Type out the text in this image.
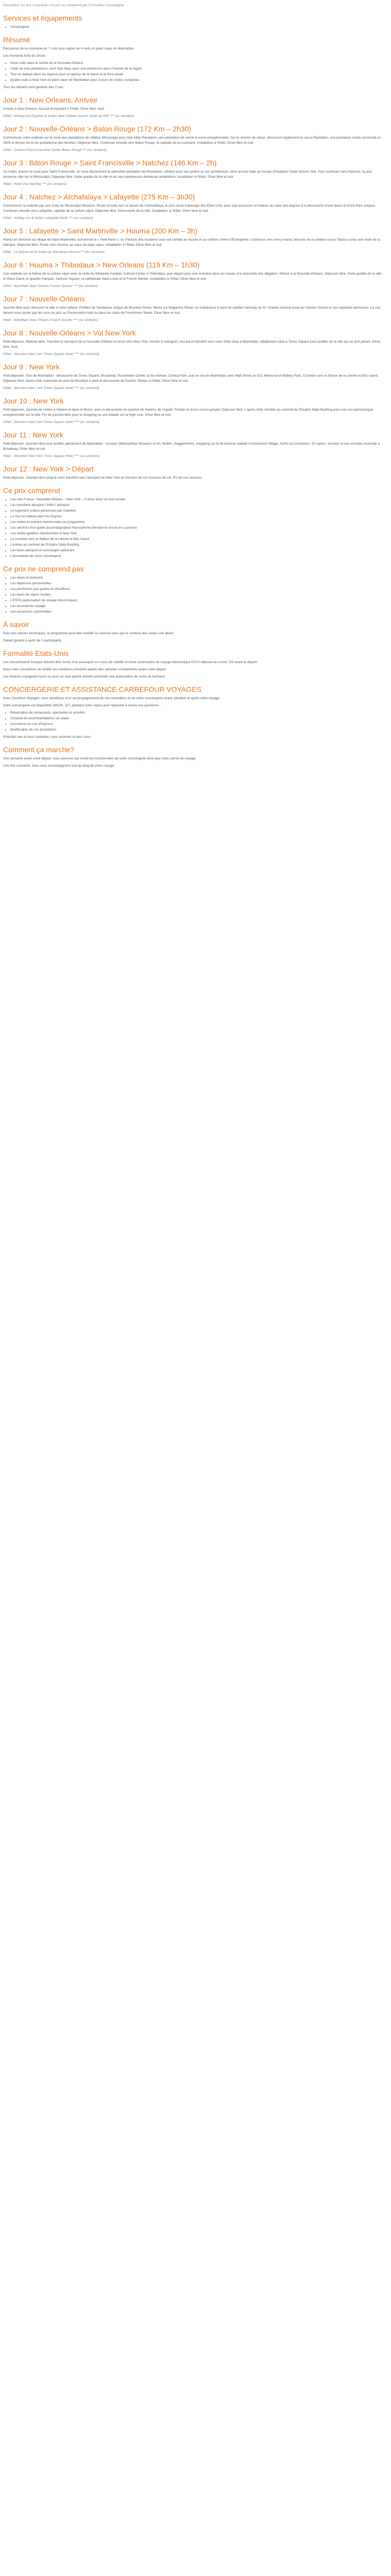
Description Ce prix comprend / Ce prix ne comprend pas Formalités Conciergerie
Services et équipements
• Conciergerie
Résumé

Découvrez de la Louisiane en 7 nuits puis séjour de 4 nuits en plein cœur de Manhattan.

Les moments forts du circuit :

• Deux nuits dans le centre de la Nouvelle-Orléans
• Visite de trois plantations, dont Oak Alley, pour une immersion dans l'histoire de la région
• Tour en bateau dans les bayous pour un aperçu de la faune et la flore locale
• Quatre nuits à New York en plein cœur de Manhattan avec 3 jours de visites complètes

Tous les départs sont garantis dès 2 pax.

Jour 1 : New Orleans, Arrivée

Arrivée à New Orleans. Accueil et transfert à l'hôtel. Dîner libre. Nuit.

Hôtel : Holiday Inn Express & Suites New Orleans Airport South by IHG *** (ou similaire)

Jour 2 : Nouvelle-Orléans > Baton Rouge (172 Km – 2h30)

Commencez votre matinée sur la route des plantations du célèbre Mississippi pour Oak Alley Plantation, une plantation de canne à sucre exceptionnelle. Sur le chemin du retour, découvrez également la Laura Plantation, une plantation créole construite en 1805 et témoin de la vie quotidienne des familles. Déjeuner libre. Continuez ensuite vers Baton Rouge, la capitale de la Louisiane. Installation à l'hôtel. Dîner libre et nuit.

Hôtel : Crowne Plaza Executive Center Baton Rouge *** (ou similaire)

Jour 3 : Bâton Rouge > Saint Francisville > Natchez (146 Km – 2h)

Ce matin, prenez la route pour Saint Francisville, où vous découvrirez la splendide plantation de Rosedown, célèbre pour ses jardins et son architecture, ainsi qu'une halte au musée d'Audubon State Historic Site. Puis continuez vers Natchez, la plus ancienne ville sur le Mississippi. Déjeuner libre. Visite guidée de la ville et de ses nombreuses demeures antebellum. Installation à l'hôtel. Dîner libre et nuit.

Hôtel : Hotel Vue Natchez *** (ou similaire)

Jour 4 : Natchez > Atchafalaya > Lafayette (275 Km – 3h30)

Commencez la matinée par une visite du Mississippi Museum. Route ensuite vers le bassin de l'Atchafalaya, le plus vaste marécage des États-Unis, pour une excursion en bateau au cœur des bayous à la découverte d'une faune et d'une flore uniques. Continuez ensuite vers Lafayette, capitale de la culture cajun. Déjeuner libre. Découverte de la ville. Installation à l'hôtel. Dîner libre et nuit.

Hôtel : Holiday Inn & Suites Lafayette North *** (ou similaire)

Jour 5 : Lafayette > Saint Martinville > Houma (200 Km – 3h)

Partez en direction du village de Saint Martinville, surnommé le « Petit Paris », où l'histoire des Acadiens vous est contée au musée et au célèbre chêne d'Évangéline. Continuez vers Avery Island, berceau de la célèbre sauce Tabasco pour une visite de la fabrique. Déjeuner libre. Route vers Houma, au cœur du pays cajun. Installation à l'hôtel. Dîner libre et nuit.

Hôtel : La Quinta Inn & Suites by Wyndham Houma *** (ou similaire)

Jour 6 : Houma > Thibodaux > New Orleans (119 Km – 1h30)

Une matinée sur le thème de la culture cajun avec la visite du Wetlands Acadian Cultural Center à Thibodaux, puis départ pour une croisière dans les marais à la rencontre des alligators. Retour à la Nouvelle-Orléans. Déjeuner libre. Visite guidée de la ville : le Vieux Carré, le quartier français, Jackson Square, la cathédrale Saint-Louis et le French Market. Installation à l'hôtel. Dîner libre et nuit.

Hôtel : Wyndham New Orleans French Quarter *** (ou similaire)

Jour 7 : Nouvelle-Orléans

Journée libre pour découvrir la ville à votre rythme. Profitez de l'ambiance unique de Bourbon Street, flânez sur Magazine Street, ou embarquez à bord du célèbre tramway de St. Charles Avenue jusqu'au Garden District et ses superbes demeures. Le soir, laissez-vous porter par les sons du jazz au Preservation Hall ou dans les clubs de Frenchmen Street. Dîner libre et nuit.

Hôtel : Wyndham New Orleans French Quarter *** (ou similaire)

Jour 8 : Nouvelle-Orléans > Vol New York

Petit-déjeuner. Matinée libre. Transfert à l'aéroport de la Nouvelle-Orléans et envol vers New York. Arrivée à l'aéroport. Accueil et transfert vers votre hôtel situé à Manhattan, idéalement situé à Times Square pour profiter de la ville qui ne dort jamais. Dîner libre. Nuit.

Hôtel : Sheraton New York Times Square Hotel **** (ou similaire)

Jour 9 : New York

Petit-déjeuner. Tour de Manhattan : découverte de Times Square, Broadway, Rockefeller Center, la 5e Avenue, Central Park, puis le sud de Manhattan avec Wall Street, le 9/11 Memorial et Battery Park. Croisière vers la Statue de la Liberté et Ellis Island. Déjeuner libre. Après-midi, traversée du pont de Brooklyn à pied et découverte de Dumbo. Retour à l'hôtel. Dîner libre et nuit.

Hôtel : Sheraton New York Times Square Hotel **** (ou similaire)

Jour 10 : New York

Petit-déjeuner. Journée de visites à Harlem et dans le Bronx, avec la découverte du quartier de Harlem, de l'Apollo Theater et d'une messe gospel. Déjeuner libre. L'après-midi, montée au sommet de l'Empire State Building pour une vue panoramique exceptionnelle sur la ville. Fin de journée libre pour le shopping ou une balade sur la High Line. Dîner libre et nuit.

Hôtel : Sheraton New York Times Square Hotel **** (ou similaire)

Jour 11 : New York

Petit-déjeuner. Journée libre pour profiter pleinement de Manhattan : musées (Metropolitan Museum of Art, MoMA, Guggenheim), shopping sur la 5e Avenue, balade à Greenwich Village, SoHo ou Chinatown. En option, assistez à une comédie musicale à Broadway. Dîner libre et nuit.

Hôtel : Sheraton New York Times Square Hotel **** (ou similaire)

Jour 12 : New York > Départ

Petit-déjeuner. Journée libre jusqu'à votre transfert vers l'aéroport de New York en fonction de vos horaires de vol. Fin de nos services.

Ce prix comprend
• Les vols France / Nouvelle-Orléans – New York – France avec un seul escale
• Les transferts aéroport / hôtel / aéroport
• Le logement à deux personnes par chambre
• Le tour en bateau dans les bayous
• Les visites et entrées mentionnées au programme
• Les services d'un guide accompagnateur francophone pendant le circuit en Louisiane
• Les visites guidées mentionnées à New York
• La croisière vers la Statue de la Liberté et Ellis Island
• L'entrée au sommet de l'Empire State Building
• Les taxes aéroport et surcharges carburant
• L'assistance de notre conciergerie
Ce prix ne comprend pas
• Les repas et boissons
• Les dépenses personnelles
• Les pourboires aux guides et chauffeurs
• Les taxes de séjour locales
• L'ESTA (autorisation de voyage électronique)
• Les assurances voyage
• Les excursions optionnelles
À savoir

Pour des raisons techniques, le programme peut être modifié ou inversé sans que le contenu des visites soit altéré.

Départ garanti à partir de 2 participants.

Formalité Etats-Unis

Les ressortissants français doivent être munis d'un passeport en cours de validité et d'une autorisation de voyage électronique ESTA obtenue au moins 72h avant le départ.

Nous vous conseillons de vérifier les conditions d'entrée auprès des autorités compétentes avant votre départ.

Les mineurs voyageant seuls ou avec un seul parent doivent présenter une autorisation de sortie du territoire.

CONCIERGERIE ET ASSISTANCE CARREFOUR VOYAGES

Avec Carrefour Voyages, vous bénéficiez d'un accompagnement de nos conseillers et de notre conciergerie avant, pendant et après votre voyage.

Votre conciergerie est disponible 24h/24, 7j/7, pendant votre séjour pour répondre à toutes vos questions :

• Réservation de restaurants, spectacles et activités
• Conseils et recommandations sur place
• Assistance en cas d'imprévu
• Modification de vos prestations

N'hésitez pas à nous contacter, nous sommes là pour vous.

Comment ça marche?

Une semaine avant votre départ, vous recevrez par email les coordonnées de votre conciergerie ainsi que votre carnet de voyage.

Une fois connecté, nous vous accompagnons tout au long de votre voyage.
